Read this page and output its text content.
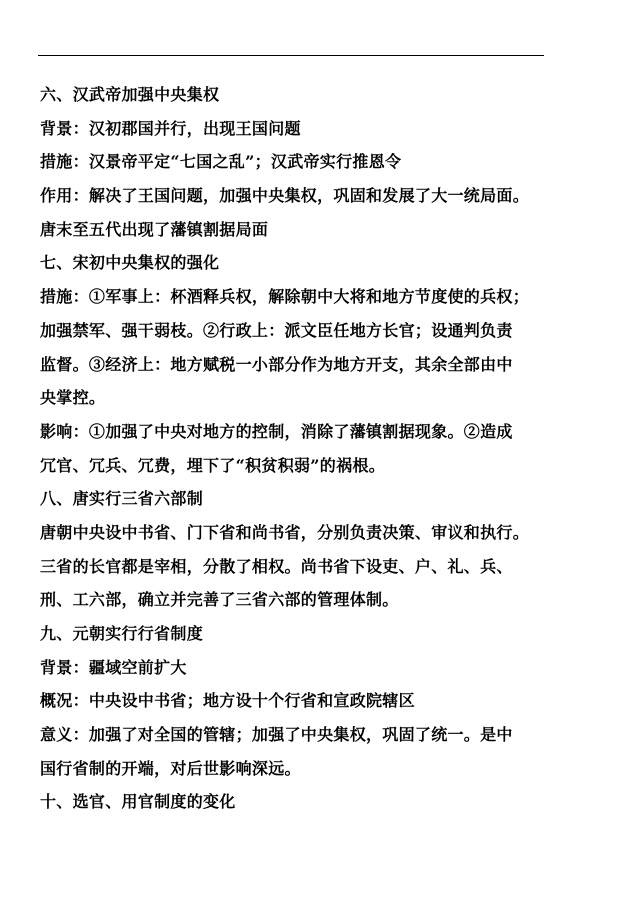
六、汉武帝加强中央集权
背景：汉初郡国并行，出现王国问题
措施：汉景帝平定“七国之乱”；汉武帝实行推恩令
作用：解决了王国问题，加强中央集权，巩固和发展了大一统局面。
唐末至五代出现了藩镇割据局面
七、宋初中央集权的强化
措施：①军事上：杯酒释兵权，解除朝中大将和地方节度使的兵权；
加强禁军、强干弱枝。②行政上：派文臣任地方长官；设通判负责
监督。③经济上：地方赋税一小部分作为地方开支，其余全部由中
央掌控。
影响：①加强了中央对地方的控制，消除了藩镇割据现象。②造成
冗官、冗兵、冗费，埋下了“积贫积弱”的祸根。
八、唐实行三省六部制
唐朝中央设中书省、门下省和尚书省，分别负责决策、审议和执行。
三省的长官都是宰相，分散了相权。尚书省下设吏、户、礼、兵、
刑、工六部，确立并完善了三省六部的管理体制。
九、元朝实行行省制度
背景：疆域空前扩大
概况：中央设中书省；地方设十个行省和宣政院辖区
意义：加强了对全国的管辖；加强了中央集权，巩固了统一。是中
国行省制的开端，对后世影响深远。
十、选官、用官制度的变化
